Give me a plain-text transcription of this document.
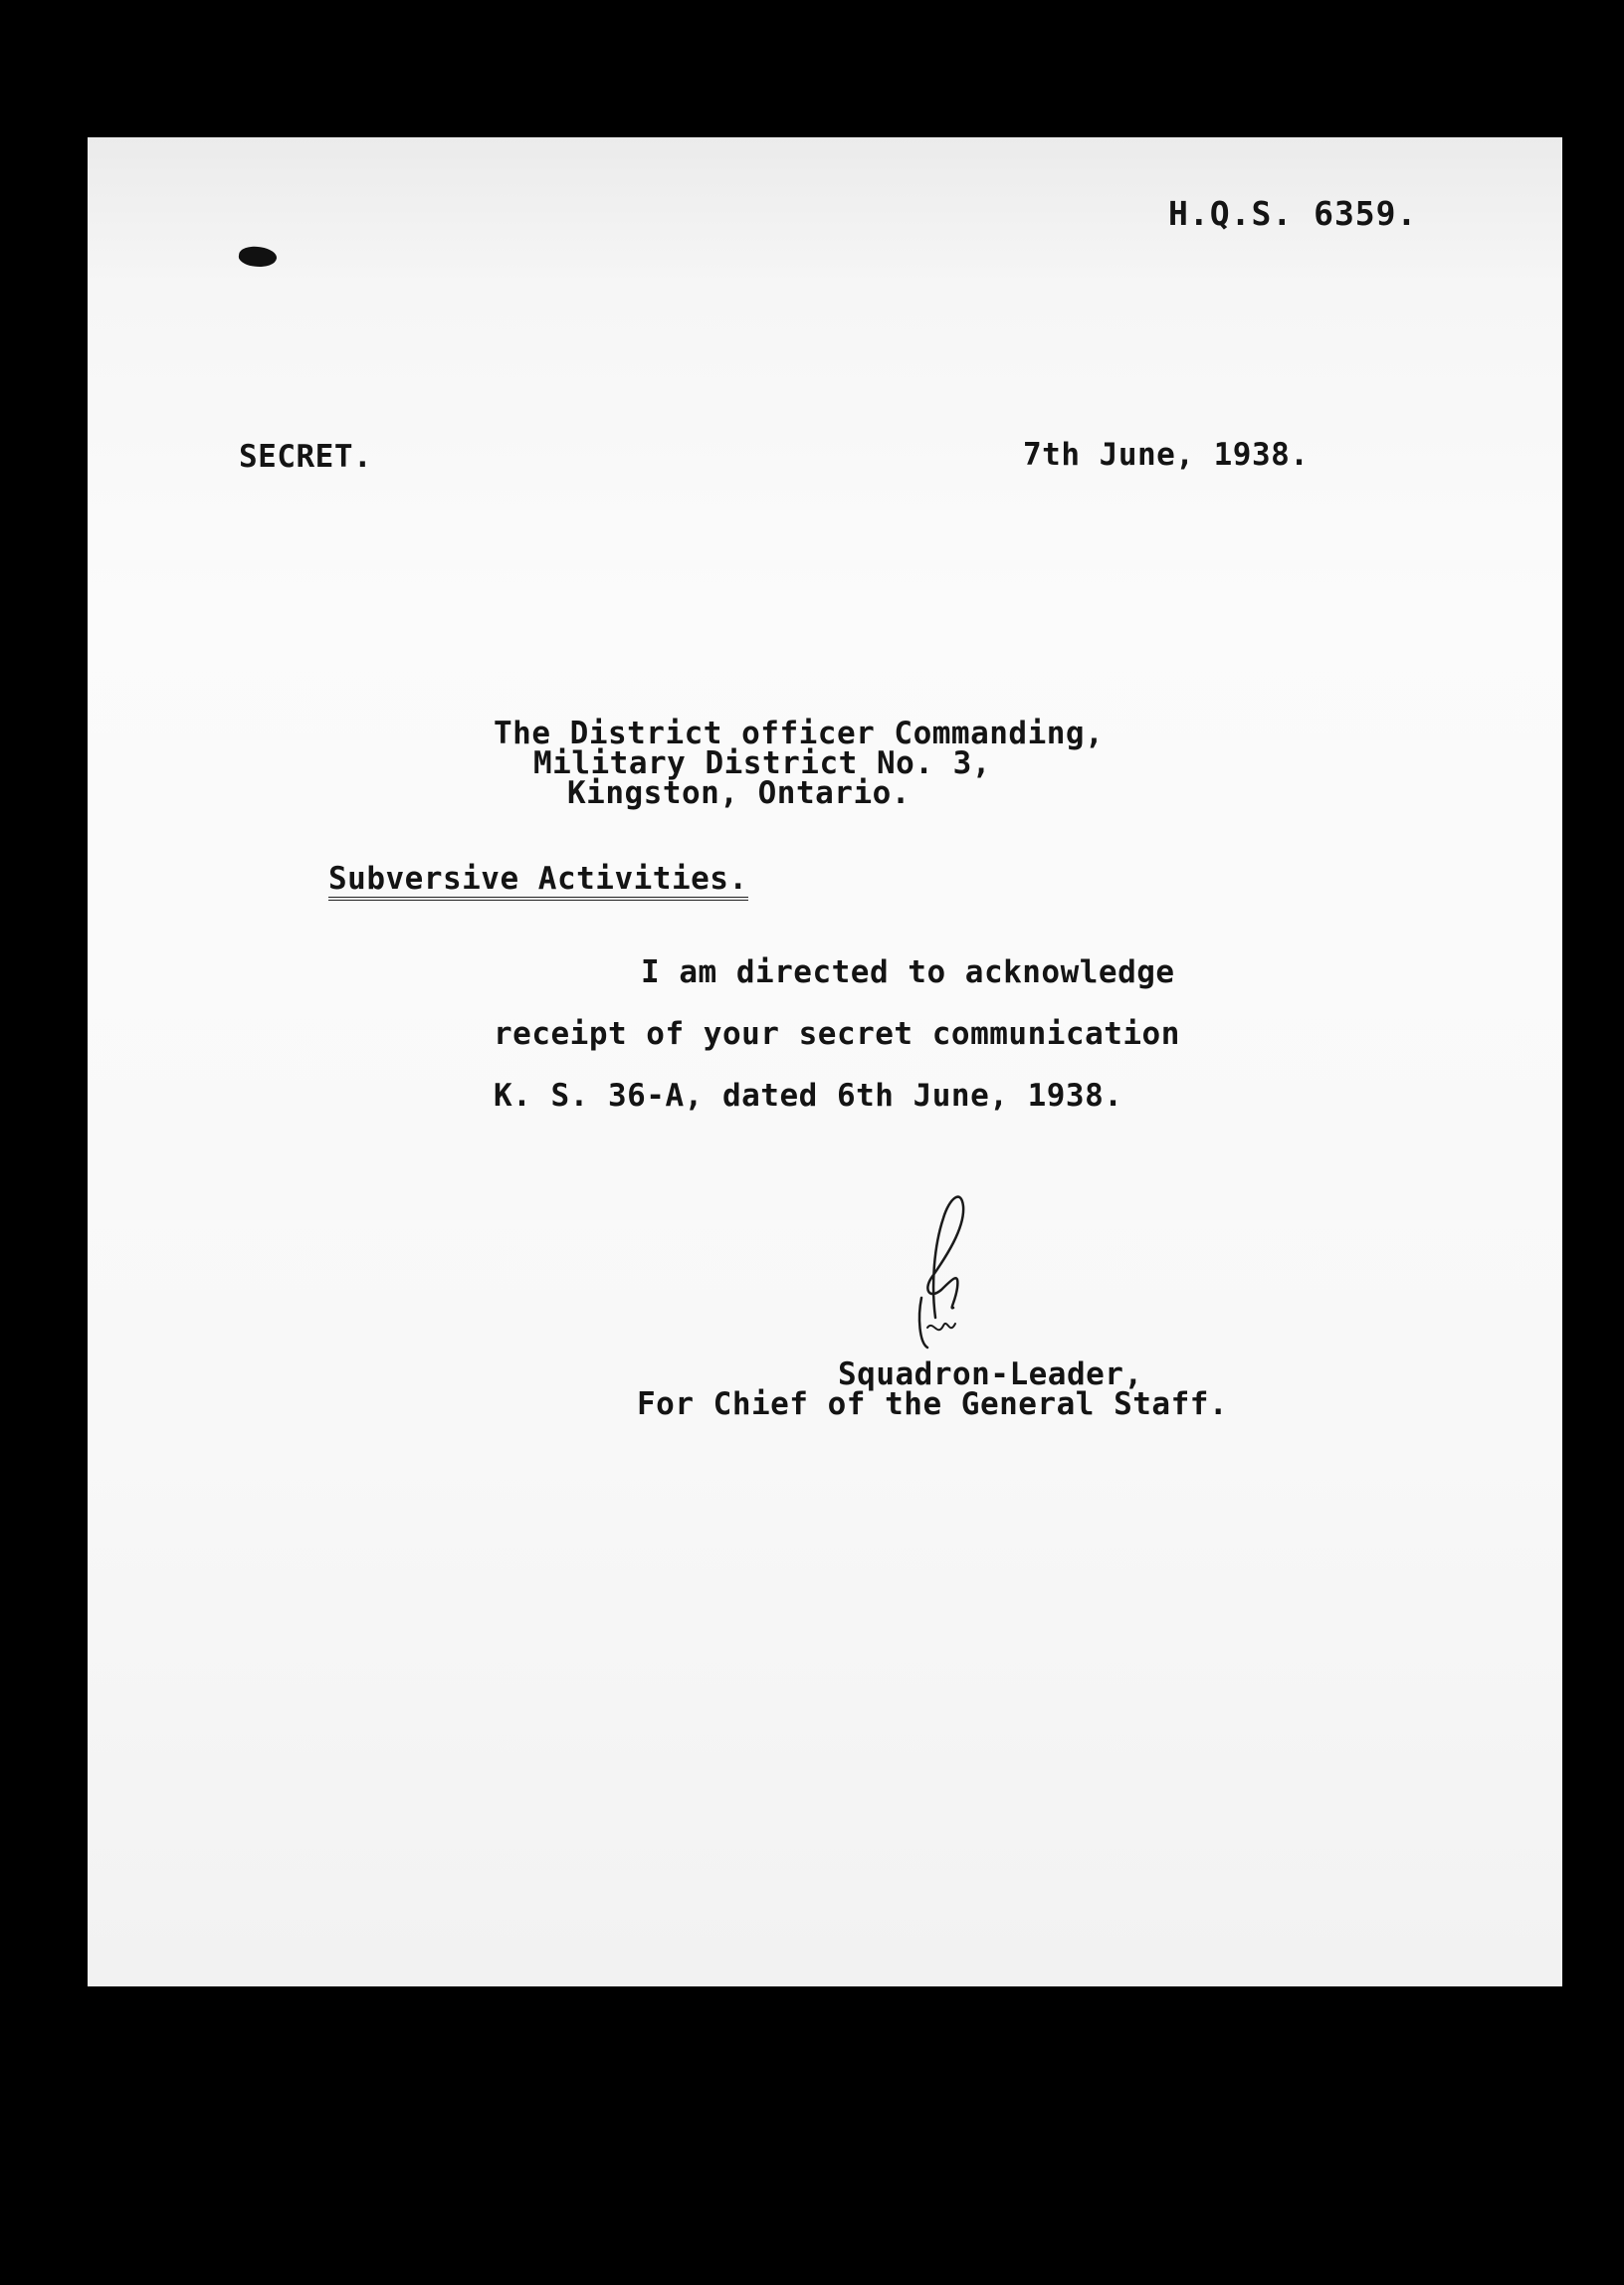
H.Q.S. 6359.
SECRET.	7th June, 1938.
The District officer Commanding,
Military District No. 3,
Kingston, Ontario.
Subversive Activities.
I am directed to acknowledge
receipt of your secret communication
K. S. 36-A, dated 6th June, 1938.
Squadron-Leader,
For Chief of the General Staff.
